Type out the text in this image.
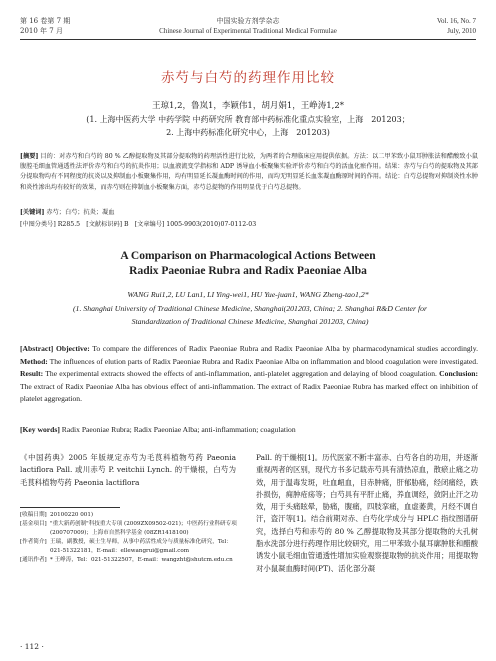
第 16 卷第 7 期
2010 年 7 月
中国实验方剂学杂志
Chinese Journal of Experimental Traditional Medical Formulae
Vol. 16, No. 7
July, 2010
赤芍与白芍的药理作用比较
王琼1,2，鲁岚1，李颖伟1，胡月娟1，王峥涛1,2*
(1. 上海中医药大学 中药学院 中药研究所 教育部中药标准化重点实验室，上海　201203；
2. 上海中药标准化研究中心，上海　201203)
[摘要] 目的：对赤芍和白芍的 80 % 乙醇提取物及其部分提取物的药理活性进行比较，为两者的合理临床应用提供依据。方法：以二甲苯致小鼠耳肿胀法和醋酸致小鼠腹腔毛细血管通透性法评价赤芍和白芍的抗炎作用；以血液流变学指标和 ADP 诱导血小板聚集实验评价赤芍和白芍的活血化瘀作用。结果：赤芍与白芍的提取物及其部分提取物均有不同程度的抗炎以及抑制血小板聚集作用，均有明显延长凝血酶时间的作用，而均无明显延长血浆凝血酶原时间的作用。结论：白芍总提物对抑制炎性水肿和炎性渗出均有较好的效果，而赤芍则在抑制血小板聚集方面，赤芍总提物的作用明显优于白芍总提物。
[关键词] 赤芍；白芍；抗炎；凝血
[中图分类号] R285.5　[文献标识码] B　[文章编号] 1005-9903(2010)07-0112-03
A Comparison on Pharmacological Actions Between
Radix Paeoniae Rubra and Radix Paeoniae Alba
WANG Rui1,2, LU Lan1, LI Ying-wei1, HU Yue-juan1, WANG Zheng-tao1,2*
(1. Shanghai University of Traditional Chinese Medicine, Shanghai(201203, China; 2. Shanghai R&D Center for
Standardization of Traditional Chinese Medicine, Shanghai 201203, China)
[Abstract] Objective: To compare the differences of Radix Paeoniae Rubra and Radix Paeoniae Alba by pharmacodynamical studies accordingly. Method: The influences of elution parts of Radix Paeoniae Rubra and Radix Paeoniae Alba on inflammation and blood coagulation were investigated. Result: The experimental extracts showed the effects of anti-inflammation, anti-platelet aggregation and delaying of blood coagulation. Conclusion: The extract of Radix Paeoniae Alba has obvious effect of anti-inflammation. The extract of Radix Paeoniae Rubra has marked effect on inhibition of platelet aggregation.
[Key words] Radix Paeoniae Rubra; Radix Paeoniae Alba; anti-inflammation; coagulation
《中国药典》2005 年版规定赤芍为毛茛科植物芍药 Paeonia lactiflora Pall. 或川赤芍 P. veitchii Lynch. 的干燥根，白芍为毛茛科植物芍药 Paeonia lactiflora
Pall. 的干燥根[1]。历代医家不断丰富赤、白芍各自的功用，并逐渐重视两者的区别，现代方书多记载赤芍具有清热凉血，散瘀止痛之功效，用于温毒发斑，吐血衄血，目赤肿痛，肝郁胁痛，经闭痛经，跌扑损伤，痈肿疮疡等；白芍具有平肝止痛，养血调经，敛阴止汗之功效，用于头痛眩晕，胁痛，腹痛，四肢挛痛，血虚萎黄，月经不调自汗，盗汗等[1]。结合前期对赤、白芍化学成分与 HPLC 指纹图谱研究，选择白芍和赤芍的 80 % 乙醇提取物及其部分提取物的大孔树脂水洗部分进行药理作用比较研究，用二甲苯致小鼠耳廓肿胀和醋酸诱发小鼠毛细血管通透性增加实验观察提取物的抗炎作用；用提取物对小鼠凝血酶时间(PT)、活化部分凝
[收稿日期] 20100220 001)
[基金项目] "重大新药创制"科技重大专项 (2009ZX09502-021)；中医药行业科研专项 (200707009)；上海市自然科学基金 (08ZR1418100)
[作者简介] 王瑞，副教授，硕士生导师，从事中药活性成分与质量标准化研究，Tel：021-51322181，E-mail：ellewangrui@gmail.com
[通讯作者] * 王峥涛，Tel：021-51322507，E-mail：wangzht@shutcm.edu.cn
· 112 ·
